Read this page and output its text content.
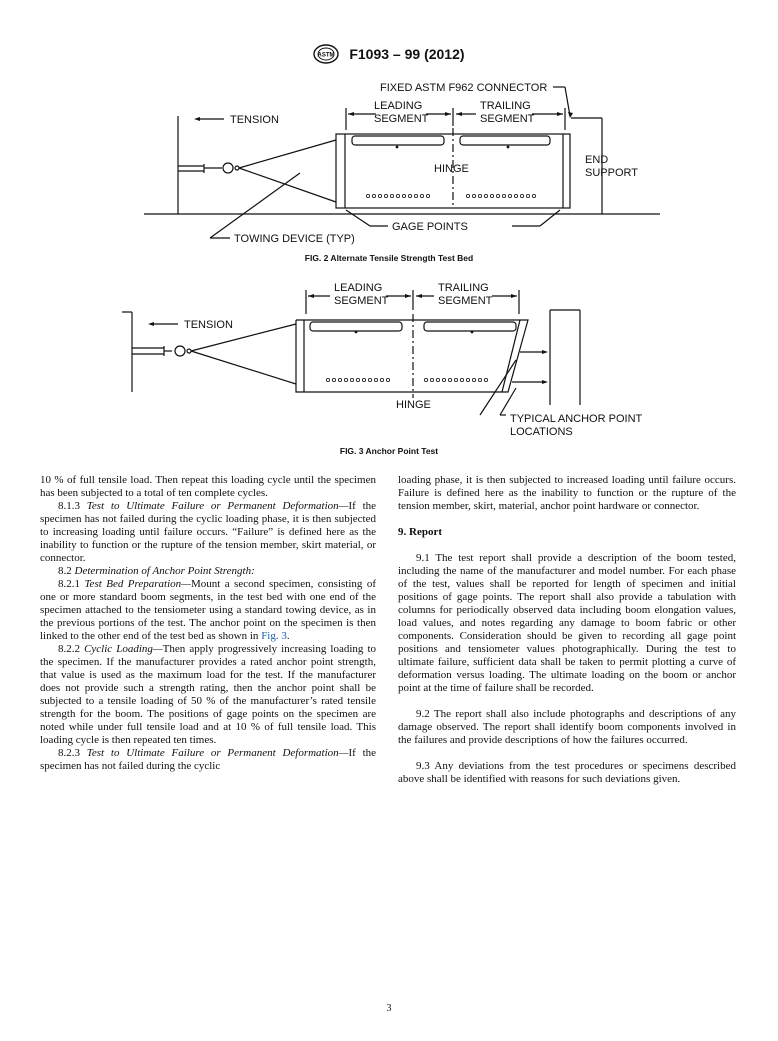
ASTM F1093 – 99 (2012)
FIXED ASTM F962 CONNECTOR
LEADING
SEGMENT
TRAILING
SEGMENT
TENSION
HINGE
END
SUPPORT
GAGE POINTS
TOWING DEVICE (TYP)
FIG. 2 Alternate Tensile Strength Test Bed
LEADING
SEGMENT
TRAILING
SEGMENT
TENSION
HINGE
TYPICAL ANCHOR POINT
LOCATIONS
FIG. 3 Anchor Point Test

10 % of full tensile load. Then repeat this loading cycle until the specimen has been subjected to a total of ten complete cycles.

8.1.3 Test to Ultimate Failure or Permanent Deformation—If the specimen has not failed during the cyclic loading phase, it is then subjected to increasing loading until failure occurs. “Failure” is defined here as the inability to function or the rupture of the tension member, skirt material, or connector.

8.2 Determination of Anchor Point Strength:

8.2.1 Test Bed Preparation—Mount a second specimen, consisting of one or more standard boom segments, in the test bed with one end of the specimen attached to the tensiometer using a standard towing device, as in the previous portions of the test. The anchor point on the specimen is then linked to the other end of the test bed as shown in Fig. 3.

8.2.2 Cyclic Loading—Then apply progressively increasing loading to the specimen. If the manufacturer provides a rated anchor point strength, that value is used as the maximum load for the test. If the manufacturer does not provide such a strength rating, then the anchor point shall be subjected to a tensile loading of 50 % of the manufacturer’s rated tensile strength for the boom. The positions of gage points on the specimen are noted while under full tensile load and at 10 % of full tensile load. This loading cycle is then repeated ten times.

8.2.3 Test to Ultimate Failure or Permanent Deformation—If the specimen has not failed during the cyclic

loading phase, it is then subjected to increased loading until failure occurs. Failure is defined here as the inability to function or the rupture of the tension member, skirt, material, anchor point hardware or connector.

9. Report

9.1 The test report shall provide a description of the boom tested, including the name of the manufacturer and model number. For each phase of the test, values shall be reported for length of specimen and initial positions of gage points. The report shall also provide a tabulation with columns for periodically observed data including boom elongation values, load values, and notes regarding any damage to boom fabric or other components. Consideration should be given to recording all gage point positions and tensiometer values photographically. During the test to ultimate failure, sufficient data shall be taken to permit plotting a curve of deformation versus loading. The ultimate loading on the boom or anchor point at the time of failure shall be recorded.

9.2 The report shall also include photographs and descriptions of any damage observed. The report shall identify boom components involved in the failures and provide descriptions of how the failures occurred.

9.3 Any deviations from the test procedures or specimens described above shall be identified with reasons for such deviations given.

3
